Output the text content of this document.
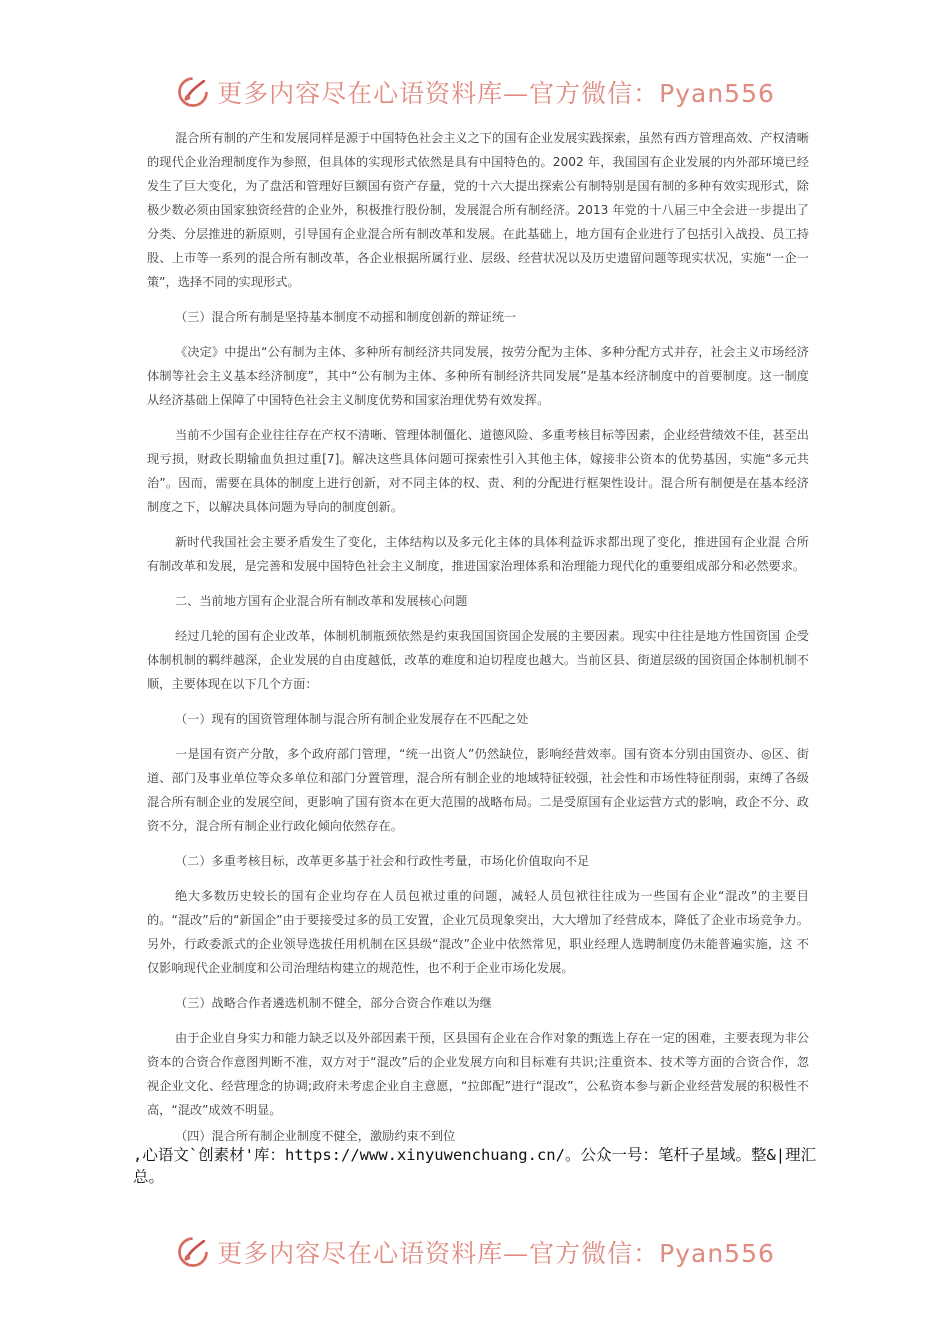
更多内容尽在心语资料库—官方微信：Pyan556

混合所有制的产生和发展同样是源于中国特色社会主义之下的国有企业发展实践探索，虽然有西方管理高效、产权清晰的现代企业治理制度作为参照，但具体的实现形式依然是具有中国特色的。2002 年，我国国有企业发展的内外部环境已经发生了巨大变化，为了盘活和管理好巨额国有资产存量，党的十六大提出探索公有制特别是国有制的多种有效实现形式，除极少数必须由国家独资经营的企业外，积极推行股份制，发展混合所有制经济。2013 年党的十八届三中全会进一步提出了分类、分层推进的新原则，引导国有企业混合所有制改革和发展。在此基础上，地方国有企业进行了包括引入战投、员工持股、上市等一系列的混合所有制改革，各企业根据所属行业、层级、经营状况以及历史遗留问题等现实状况，实施“一企一策”，选择不同的实现形式。

（三）混合所有制是坚持基本制度不动摇和制度创新的辩证统一

《决定》中提出“公有制为主体、多种所有制经济共同发展，按劳分配为主体、多种分配方式并存，社会主义市场经济体制等社会主义基本经济制度”，其中“公有制为主体、多种所有制经济共同发展”是基本经济制度中的首要制度。这一制度从经济基础上保障了中国特色社会主义制度优势和国家治理优势有效发挥。

当前不少国有企业往往存在产权不清晰、管理体制僵化、道德风险、多重考核目标等因素，企业经营绩效不佳，甚至出现亏损，财政长期输血负担过重[7]。解决这些具体问题可探索性引入其他主体，嫁接非公资本的优势基因，实施“多元共治”。因而，需要在具体的制度上进行创新，对不同主体的权、责、利的分配进行框架性设计。混合所有制便是在基本经济制度之下，以解决具体问题为导向的制度创新。

新时代我国社会主要矛盾发生了变化，主体结构以及多元化主体的具体利益诉求都出现了变化，推进国有企业混 合所有制改革和发展，是完善和发展中国特色社会主义制度，推进国家治理体系和治理能力现代化的重要组成部分和必然要求。

二、当前地方国有企业混合所有制改革和发展核心问题

经过几轮的国有企业改革，体制机制瓶颈依然是约束我国国资国企发展的主要因素。现实中往往是地方性国资国 企受体制机制的羁绊越深，企业发展的自由度越低，改革的难度和迫切程度也越大。当前区县、街道层级的国资国企体制机制不顺，主要体现在以下几个方面：

（一）现有的国资管理体制与混合所有制企业发展存在不匹配之处

一是国有资产分散，多个政府部门管理，“统一出资人”仍然缺位，影响经营效率。国有资本分别由国资办、◎区、街道、部门及事业单位等众多单位和部门分置管理，混合所有制企业的地域特征较强，社会性和市场性特征削弱，束缚了各级混合所有制企业的发展空间，更影响了国有资本在更大范围的战略布局。二是受原国有企业运营方式的影响，政企不分、政资不分，混合所有制企业行政化倾向依然存在。

（二）多重考核目标，改革更多基于社会和行政性考量，市场化价值取向不足

绝大多数历史较长的国有企业均存在人员包袱过重的问题，减轻人员包袱往往成为一些国有企业“混改”的主要目 的。“混改”后的“新国企”由于要接受过多的员工安置，企业冗员现象突出，大大增加了经营成本，降低了企业市场竞争力。另外，行政委派式的企业领导选拔任用机制在区县级“混改”企业中依然常见，职业经理人选聘制度仍未能普遍实施，这 不仅影响现代企业制度和公司治理结构建立的规范性，也不利于企业市场化发展。

（三）战略合作者遴选机制不健全，部分合资合作难以为继

由于企业自身实力和能力缺乏以及外部因素干预，区县国有企业在合作对象的甄选上存在一定的困难，主要表现为非公资本的合资合作意图判断不准，双方对于“混改”后的企业发展方向和目标难有共识;注重资本、技术等方面的合资合作，忽视企业文化、经营理念的协调;政府未考虑企业自主意愿，“拉郎配”进行“混改”，公私资本参与新企业经营发展的积极性不高，“混改”成效不明显。

（四）混合所有制企业制度不健全，激励约束不到位

,心语文`创素材'库：https://www.xinyuwenchuang.cn/。公众一号：笔杆子星域。整&|理汇总。
更多内容尽在心语资料库—官方微信：Pyan556
